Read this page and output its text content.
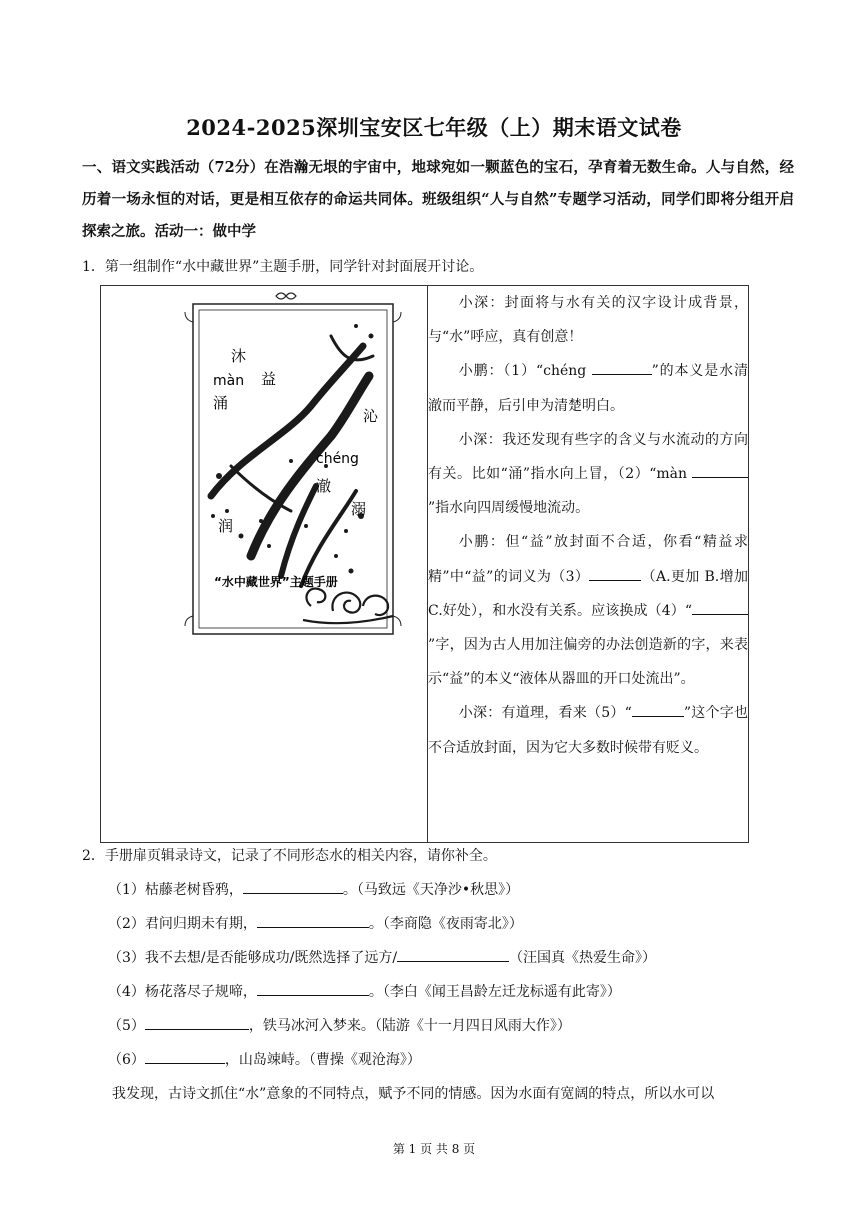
2024-2025深圳宝安区七年级（上）期末语文试卷
一、语文实践活动（72分）在浩瀚无垠的宇宙中，地球宛如一颗蓝色的宝石，孕育着无数生命。人与自然，经历着一场永恒的对话，更是相互依存的命运共同体。班级组织“人与自然”专题学习活动，同学们即将分组开启探索之旅。活动一：做中学
1．第一组制作“水中藏世界”主题手册，同学针对封面展开讨论。
沐
益
màn
涌
沁
chéng
澈
润
溺
“水中藏世界”主题手册

小深：封面将与水有关的汉字设计成背景，与“水”呼应，真有创意！

小鹏：（1）“chéng	”的本义是水清澈而平静，后引申为清楚明白。

小深：我还发现有些字的含义与水流动的方向有关。比如“涌”指水向上冒，（2）“màn ”指水向四周缓慢地流动。

小鹏：但“益”放封面不合适，你看“精益求精”中“益”的词义为（3）	（A.更加 B.增加 C.好处），和水没有关系。应该换成（4）“”字，因为古人用加注偏旁的办法创造新的字，来表示“益”的本义“液体从器皿的开口处流出”。

小深：有道理，看来（5）“	”这个字也不合适放封面，因为它大多数时候带有贬义。

2．手册扉页辑录诗文，记录了不同形态水的相关内容，请你补全。
（1）枯藤老树昏鸦，	。（马致远《天净沙•秋思》）
（2）君问归期未有期，	。（李商隐《夜雨寄北》）
（3）我不去想/是否能够成功/既然选择了远方/	（汪国真《热爱生命》）
（4）杨花落尽子规啼，	。（李白《闻王昌龄左迁龙标遥有此寄》）
（5）	，铁马冰河入梦来。（陆游《十一月四日风雨大作》）
（6）	，山岛竦峙。（曹操《观沧海》）
我发现，古诗文抓住“水”意象的不同特点，赋予不同的情感。因为水面有宽阔的特点，所以水可以
第 1 页 共 8 页
